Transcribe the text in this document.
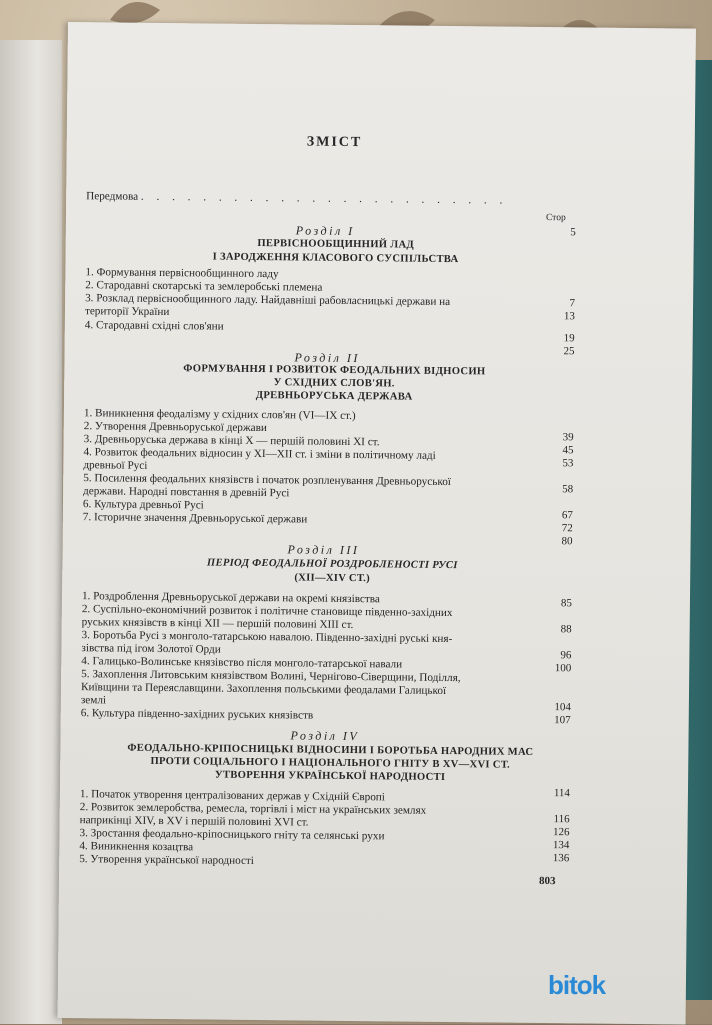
ЗМІСТ
Передмова . . . . . . . . . . . . . . . . . . . . . . . .
Стор
5
Розділ I
ПЕРВІСНООБЩИННИЙ ЛАД
І ЗАРОДЖЕННЯ КЛАСОВОГО СУСПІЛЬСТВА
1. Формування первіснообщинного ладу
2. Стародавні скотарські та землеробські племена
3. Розклад первіснообщинного ладу. Найдавніші рабовласницькі держави на
території України
4. Стародавні східні слов'яни
7
13
19
25
Розділ II
ФОРМУВАННЯ І РОЗВИТОК ФЕОДАЛЬНИХ ВІДНОСИН
У СХІДНИХ СЛОВ'ЯН.
ДРЕВНЬОРУСЬКА ДЕРЖАВА
1. Виникнення феодалізму у східних слов'ян (VI—IX ст.)
2. Утворення Древньоруської держави
3. Древньоруська держава в кінці X — першій половині XI ст.
4. Розвиток феодальних відносин у XI—XII ст. і зміни в політичному ладі
древньої Русі
5. Посилення феодальних князівств і початок розпленування Древньоруської
держави. Народні повстання в древній Русі
6. Культура древньої Русі
7. Історичне значення Древньоруської держави
39
45
53
58
67
72
80
Розділ III
ПЕРІОД ФЕОДАЛЬНОЇ РОЗДРОБЛЕНОСТІ РУСІ
(XII—XIV СТ.)
1. Роздроблення Древньоруської держави на окремі князівства
2. Суспільно-економічний розвиток і політичне становище південно-західних
руських князівств в кінці XII — першій половині XIII ст.
3. Боротьба Русі з монголо-татарською навалою. Південно-західні руські кня-
зівства під ігом Золотої Орди
4. Галицько-Волинське князівство після монголо-татарської навали
5. Захоплення Литовським князівством Волині, Чернігово-Сіверщини, Поділля,
Київщини та Переяславщини. Захоплення польськими феодалами Галицької
землі
6. Культура південно-західних руських князівств
85
88
96
100
104
107
Розділ IV
ФЕОДАЛЬНО-КРІПОСНИЦЬКІ ВІДНОСИНИ І БОРОТЬБА НАРОДНИХ МАС
ПРОТИ СОЦІАЛЬНОГО І НАЦІОНАЛЬНОГО ГНІТУ В XV—XVI СТ.
УТВОРЕННЯ УКРАЇНСЬКОЇ НАРОДНОСТІ
1. Початок утворення централізованих держав у Східній Європі
2. Розвиток землеробства, ремесла, торгівлі і міст на українських землях
наприкінці XIV, в XV і першій половині XVI ст.
3. Зростання феодально-кріпосницького гніту та селянські рухи
4. Виникнення козацтва
5. Утворення української народності
114
116
126
134
136
803
bitok
